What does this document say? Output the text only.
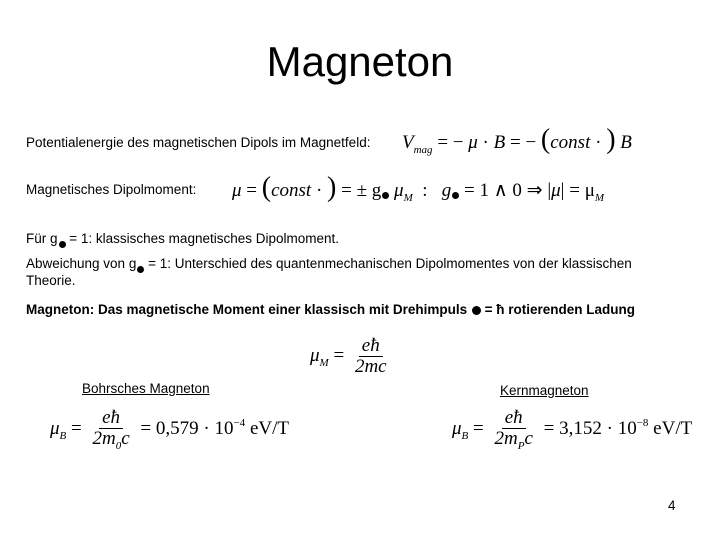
Magneton
Potentialenergie des magnetischen Dipols im Magnetfeld: $V_{mag}$ = − μ · B = − (const · ) B
Magnetisches Dipolmoment: μ = (const · ) = ± g $\mu_M$ : g = 1 ∧ 0 ⇒ $|\mu| = \mu_M$
Für g = 1: klassisches magnetisches Dipolmoment.
Abweichung von g = 1: Unterschied des quantenmechanischen Dipolmomentes von der klassischen Theorie.
Magneton: Das magnetische Moment einer klassisch mit Drehimpuls  = ħ rotierenden Ladung
$\mu_M = \frac{eħ}{2mc}$
Bohrsches Magneton
$\mu_B = \frac{eħ}{2m_0c} = 0,579 \cdot 10^{-4}$ eV/T
Kernmagneton
$\mu_B = \frac{eħ}{2m_Pc} = 3,152 \cdot 10^{-8}$ eV/T
4
